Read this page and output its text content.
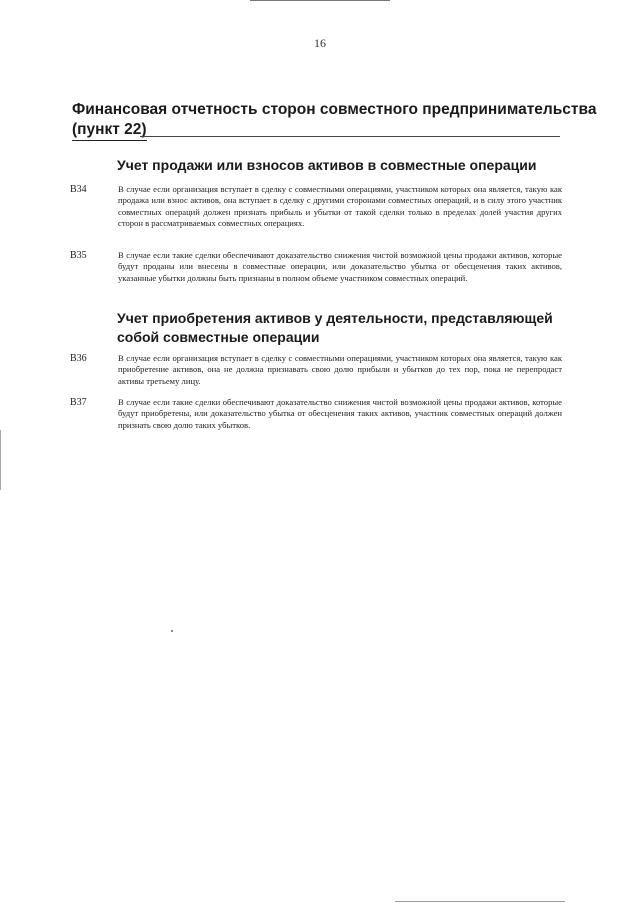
16
Финансовая отчетность сторон совместного предпринимательства
(пункт 22)
Учет продажи или взносов активов в совместные операции
B34	В случае если организация вступает в сделку с совместными операциями, участником которых она является, такую как продажа или взнос активов, она вступает в сделку с другими сторонами совместных операций, и в силу этого участник совместных операций должен признать прибыль и убытки от такой сделки только в пределах долей участия других сторон в рассматриваемых совместных операциях.
B35	В случае если такие сделки обеспечивают доказательство снижения чистой возможной цены продажи активов, которые будут проданы или внесены в совместные операции, или доказательство убытка от обесценения таких активов, указанные убытки должны быть признаны в полном объеме участником совместных операций.
Учет приобретения активов у деятельности, представляющей собой совместные операции
B36	В случае если организация вступает в сделку с совместными операциями, участником которых она является, такую как приобретение активов, она не должна признавать свою долю прибыли и убытков до тех пор, пока не перепродаст активы третьему лицу.
B37	В случае если такие сделки обеспечивают доказательство снижения чистой возможной цены продажи активов, которые будут приобретены, или доказательство убытка от обесценения таких активов, участник совместных операций должен признать свою долю таких убытков.
